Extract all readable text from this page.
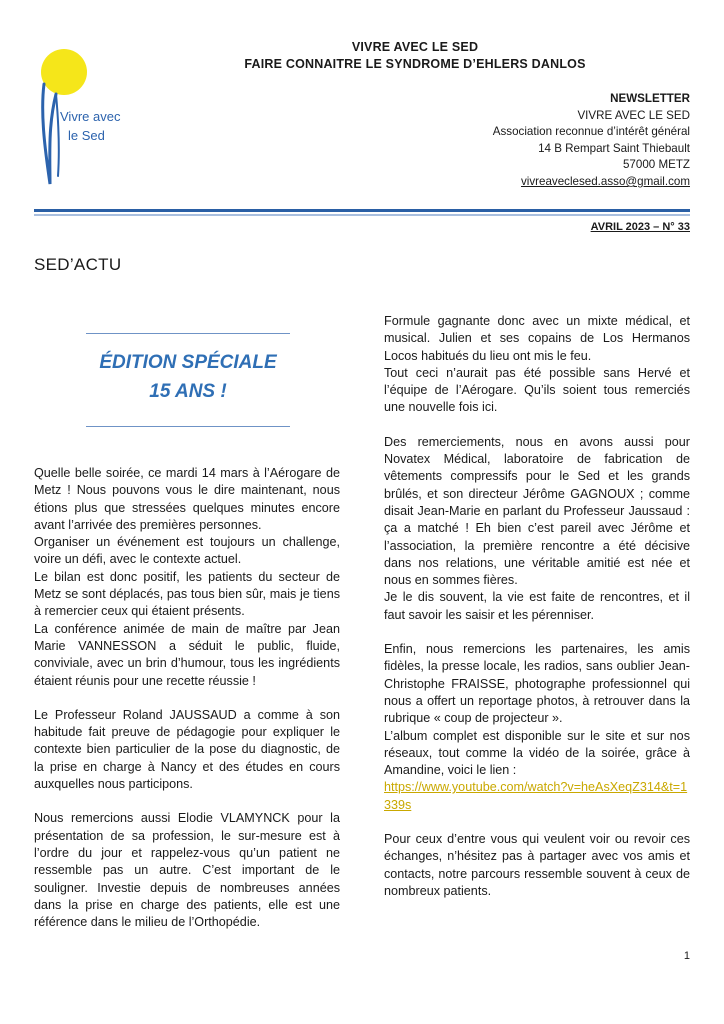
Vivre avec
le Sed
VIVRE AVEC LE SED
FAIRE CONNAITRE LE SYNDROME D’EHLERS DANLOS
NEWSLETTER
VIVRE AVEC LE SED
Association reconnue d’intérêt général
14 B Rempart Saint Thiebault
57000 METZ
vivreaveclesed.asso@gmail.com
AVRIL 2023 – N° 33
SED’ACTU
ÉDITION SPÉCIALE
15 ANS !

Quelle belle soirée, ce mardi 14 mars à l’Aérogare de Metz ! Nous pouvons vous le dire maintenant, nous étions plus que stressées quelques minutes encore avant l’arrivée des premières personnes.

Organiser un événement est toujours un challenge, voire un défi, avec le contexte actuel.

Le bilan est donc positif, les patients du secteur de Metz se sont déplacés, pas tous bien sûr, mais je tiens à remercier ceux qui étaient présents.

La conférence animée de main de maître par Jean Marie VANNESSON a séduit le public, fluide, conviviale, avec un brin d’humour, tous les ingrédients étaient réunis pour une recette réussie !

Le Professeur Roland JAUSSAUD a comme à son habitude fait preuve de pédagogie pour expliquer le contexte bien particulier de la pose du diagnostic, de la prise en charge à Nancy et des études en cours auxquelles nous participons.

Nous remercions aussi Elodie VLAMYNCK pour la présentation de sa profession, le sur-mesure est à l’ordre du jour et rappelez-vous qu’un patient ne ressemble pas un autre. C’est important de le souligner. Investie depuis de nombreuses années dans la prise en charge des patients, elle est une référence dans le milieu de l’Orthopédie.

Formule gagnante donc avec un mixte médical, et musical. Julien et ses copains de Los Hermanos Locos habitués du lieu ont mis le feu.

Tout ceci n’aurait pas été possible sans Hervé et l’équipe de l’Aérogare. Qu’ils soient tous remerciés une nouvelle fois ici.

Des remerciements, nous en avons aussi pour Novatex Médical, laboratoire de fabrication de vêtements compressifs pour le Sed et les grands brûlés, et son directeur Jérôme GAGNOUX ; comme disait Jean-Marie en parlant du Professeur Jaussaud : ça a matché ! Eh bien c’est pareil avec Jérôme et l’association, la première rencontre a été décisive dans nos relations, une véritable amitié est née et nous en sommes fières.

Je le dis souvent, la vie est faite de rencontres, et il faut savoir les saisir et les pérenniser.

Enfin, nous remercions les partenaires, les amis fidèles, la presse locale, les radios, sans oublier Jean-Christophe FRAISSE, photographe professionnel qui nous a offert un reportage photos, à retrouver dans la rubrique « coup de projecteur ».

L’album complet est disponible sur le site et sur nos réseaux, tout comme la vidéo de la soirée, grâce à Amandine, voici le lien :

https://www.youtube.com/watch?v=heAsXeqZ314&t=1339s

Pour ceux d’entre vous qui veulent voir ou revoir ces échanges, n’hésitez pas à partager avec vos amis et contacts, notre parcours ressemble souvent à ceux de nombreux patients.

1
